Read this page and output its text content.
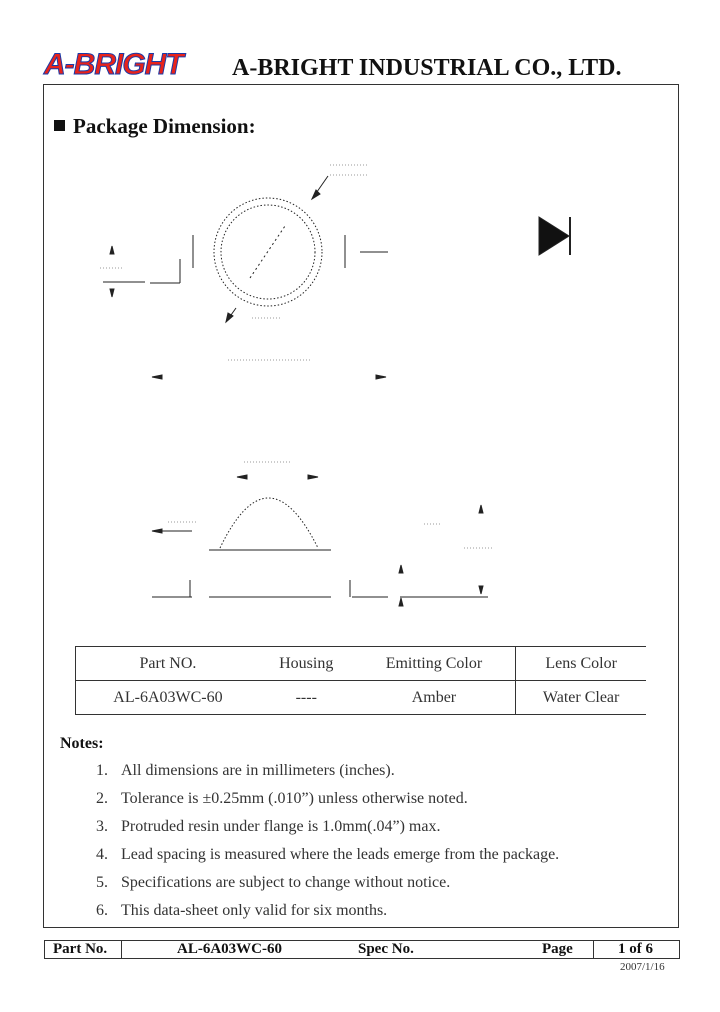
A-BRIGHT A-BRIGHT INDUSTRIAL CO., LTD.
Package Dimension:
Part NO.	Housing	Emitting Color	Lens Color
AL-6A03WC-60	----	Amber	Water Clear
Notes:
1. All dimensions are in millimeters (inches).
2. Tolerance is ±0.25mm (.010”) unless otherwise noted.
3. Protruded resin under flange is 1.0mm(.04”) max.
4. Lead spacing is measured where the leads emerge from the package.
5. Specifications are subject to change without notice.
6. This data-sheet only valid for six months.
Part No.	AL-6A03WC-60	Spec No.	Page	1 of 6
2007/1/16
